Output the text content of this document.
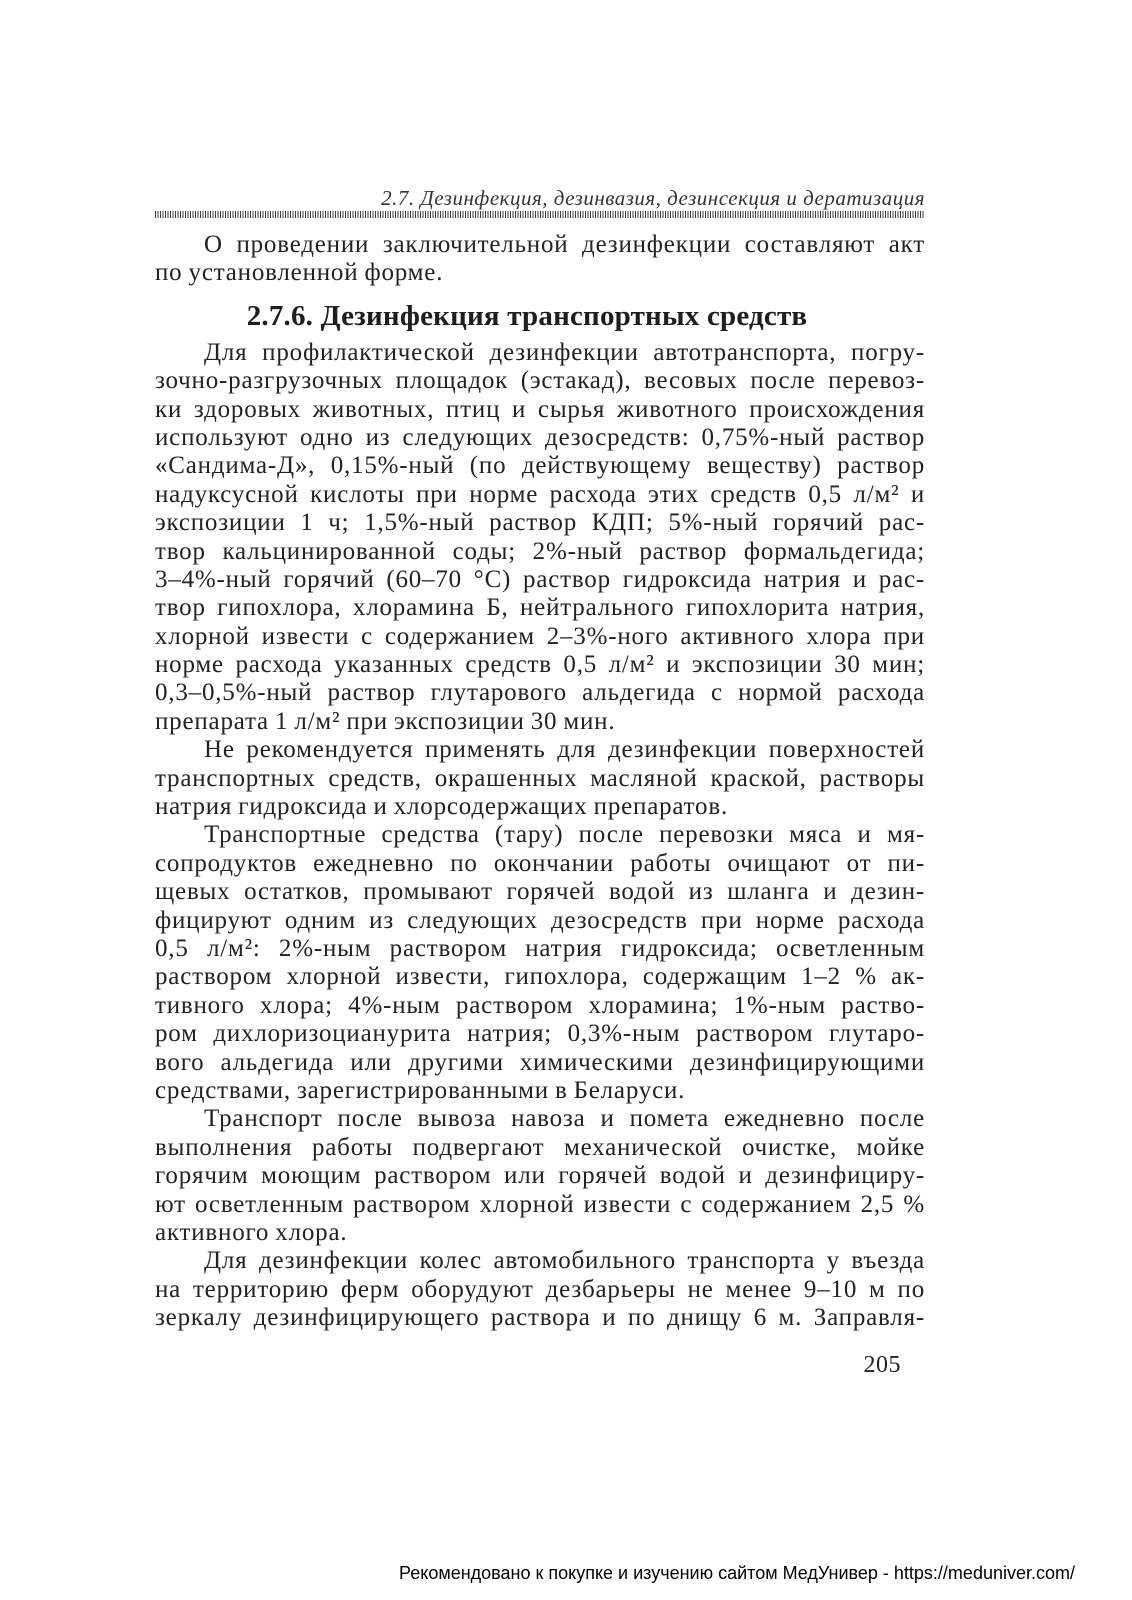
2.7. Дезинфекция, дезинвазия, дезинсекция и дератизация
О проведении заключительной дезинфекции составляют акт
по установленной форме.
2.7.6. Дезинфекция транспортных средств
Для профилактической дезинфекции автотранспорта, погру-
зочно-разгрузочных площадок (эстакад), весовых после перевоз-
ки здоровых животных, птиц и сырья животного происхождения
используют одно из следующих дезосредств: 0,75%-ный раствор
«Сандима-Д», 0,15%-ный (по действующему веществу) раствор
надуксусной кислоты при норме расхода этих средств 0,5 л/м² и
экспозиции 1 ч; 1,5%-ный раствор КДП; 5%-ный горячий рас-
твор кальцинированной соды; 2%-ный раствор формальдегида;
3–4%-ный горячий (60–70 °С) раствор гидроксида натрия и рас-
твор гипохлора, хлорамина Б, нейтрального гипохлорита натрия,
хлорной извести с содержанием 2–3%-ного активного хлора при
норме расхода указанных средств 0,5 л/м² и экспозиции 30 мин;
0,3–0,5%-ный раствор глутарового альдегида с нормой расхода
препарата 1 л/м² при экспозиции 30 мин.
Не рекомендуется применять для дезинфекции поверхностей
транспортных средств, окрашенных масляной краской, растворы
натрия гидроксида и хлорсодержащих препаратов.
Транспортные средства (тару) после перевозки мяса и мя-
сопродуктов ежедневно по окончании работы очищают от пи-
щевых остатков, промывают горячей водой из шланга и дезин-
фицируют одним из следующих дезосредств при норме расхода
0,5 л/м²: 2%-ным раствором натрия гидроксида; осветленным
раствором хлорной извести, гипохлора, содержащим 1–2 % ак-
тивного хлора; 4%-ным раствором хлорамина; 1%-ным раство-
ром дихлоризоцианурита натрия; 0,3%-ным раствором глутаро-
вого альдегида или другими химическими дезинфицирующими
средствами, зарегистрированными в Беларуси.
Транспорт после вывоза навоза и помета ежедневно после
выполнения работы подвергают механической очистке, мойке
горячим моющим раствором или горячей водой и дезинфициру-
ют осветленным раствором хлорной извести с содержанием 2,5 %
активного хлора.
Для дезинфекции колес автомобильного транспорта у въезда
на территорию ферм оборудуют дезбарьеры не менее 9–10 м по
зеркалу дезинфицирующего раствора и по днищу 6 м. Заправля-
205
Рекомендовано к покупке и изучению сайтом МедУнивер - https://meduniver.com/
